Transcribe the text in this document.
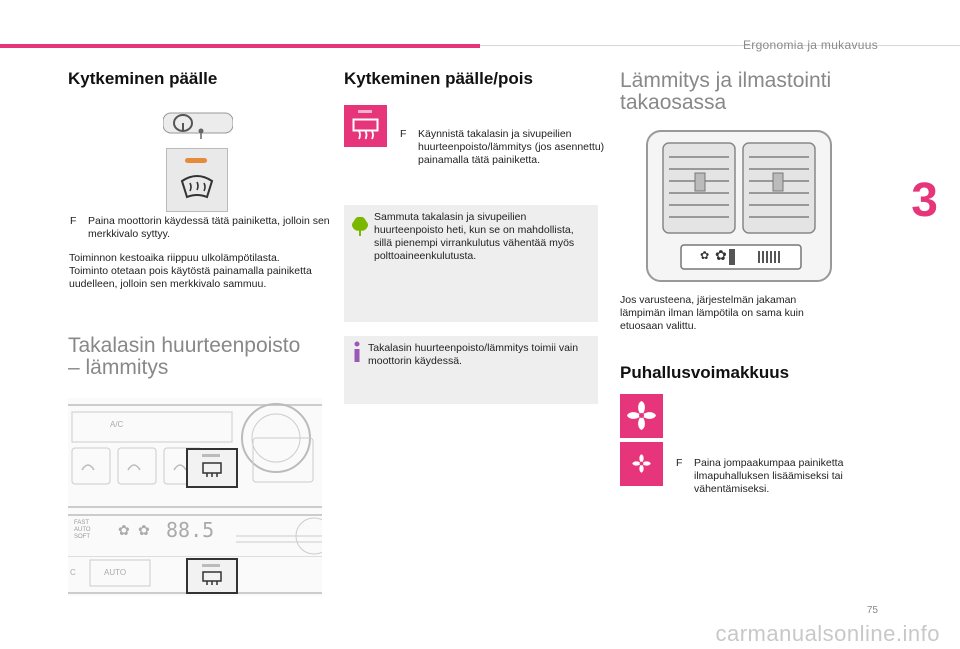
Ergonomia ja mukavuus
3
75
carmanualsonline.info
Kytkeminen päälle
F Paina moottorin käydessä tätä painiketta, jolloin sen merkkivalo syttyy.
Toiminnon kestoaika riippuu ulkolämpötilasta. Toiminto otetaan pois käytöstä painamalla painiketta uudelleen, jolloin sen merkkivalo sammuu.
Takalasin huurteenpoisto
– lämmitys
A/C
FAST
AUTO
SOFT ✿ ✿ 88.5
C	AUTO
Kytkeminen päälle/pois
F Käynnistä takalasin ja sivupeilien huurteenpoisto/lämmitys (jos asennettu) painamalla tätä painiketta.
Sammuta takalasin ja sivupeilien huurteenpoisto heti, kun se on mahdollista, sillä pienempi virrankulutus vähentää myös polttoaineenkulutusta.
Takalasin huurteenpoisto/lämmitys toimii vain moottorin käydessä.
Lämmitys ja ilmastointi
takaosassa
✿ ✿
Jos varusteena, järjestelmän jakaman lämpimän ilman lämpötila on sama kuin etuosaan valittu.
Puhallusvoimakkuus
F Paina jompaakumpaa painiketta ilmapuhalluksen lisäämiseksi tai vähentämiseksi.
